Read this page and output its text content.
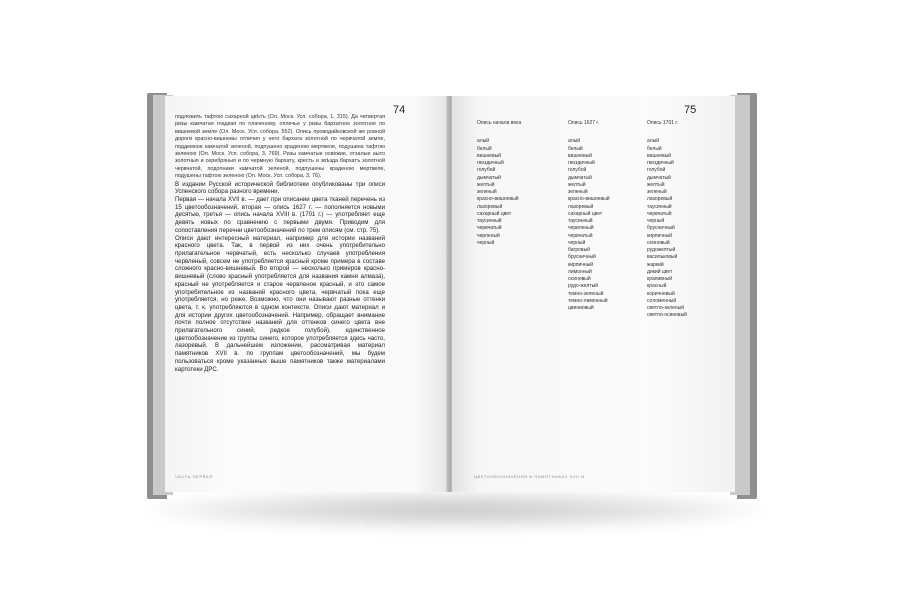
74

подложить тафтою сахарной цвѣтъ (Ол. Моск. Усп. собора, 1, 315). Да четвертая ризы камчатая гладкая по плаченому, оплечье у ризы бархатное золотное по вишневой земле (Ол. Моск. Усп. собора, 552). Опись проводайковской же ровной дороги красно-вишневы отличия у него бархата золотной по червчатой земле, поддемное камчатой зеленой, подпушено краденою мертвеле, подушина тафтою зеленою (Ол. Моск. Усп. собора, 3, 769). Ризы камчатые освежие, отзалые аыто золотныя и серебряныя и по чермную бархату, кресть и звѣзда бархатъ золотной червчатой, подолники камчатой зеленой, подпушены краденою мертвеле, подушены тафтою зеленою (Ол. Моск. Усп. собора, 3, 76).

В издании Русской исторической библиотеки опубликованы три описи Успенского собора разного времени.

Первая — начала XVII в. — дает при описании цвета тканей перечень из 15 цветообозначений, вторая — опись 1627 г. — пополняется новыми десятью, третья — опись начала XVIII в. (1701 г.) — употребляет еще девять новых по сравнению с первыми двумя. Приводим для сопоставления перечни цветообозначений по трем описям (см. стр. 75).

Описи дают интересный материал, например для истории названий красного цвета. Так, в первой из них очень употребительно прилагательное червчатый, есть несколько случаев употребления червленый, совсем не употребляется красный кроме примера в составе сложного красно-вишневый. Во второй — несколько примеров красно-вишневый (слово красный употребляется для названия камня алмаза), красный не употребляется и старое червленое красный, и это самое употребительное из названий красного цвета, червчатый пока еще употребляется, но реже. Возможно, что они называют разные оттенки цвета, т. к. употребляются в одном контексте. Описи дают материал и для истории других цветообозначений. Например, обращает внимание почти полное отсутствие названий для оттенков синего цвета вне прилагательного синий, редкое голубой), единственное цветообозначение из группы синего, которое употребляется здесь часто, лазоревый. В дальнейшем изложении, рассматривая материал памятников XVII в. по группам цветообозначений, мы будем пользоваться кроме указанных выше памятников также материалами картотеки ДРС.

ЧАСТЬ ПЕРВАЯ
75
Опись начала века
алый
белый
вишневый
гвоздичный
голубой
дымчатый
желтый
зеленый
красно-вишневый
лазоревый
сахарный цвет
таусинный
червчатый
черленый
черный
Опись 1627 г.
алый
белый
вишневый
гвоздичный
голубой
дымчатый
желтый
зеленый
красно-вишневый
лазоревый
сахарный цвет
таусинный
червленый
червчатый
черный
багровый
брусничный
кирпичный
лимонный
осиновый
рудо-желтый
темно-зеленый
темно-лимонный
цвиниовый
Опись 1701 г.
алый
белый
вишневый
гвоздичный
голубой
дымчатый
желтый
зеленый
лазоревый
таусинный
червчатый
черный
брусничный
кирпичный
осиновый
рудожелтый
васильковый
жаркий
дикий цвет
крапивный
красный
коричневый
соломенный
светло-зеленый
светло-осиновый
ЦВЕТООБОЗНАЧЕНИЯ В ПАМЯТНИКАХ XVII В.
